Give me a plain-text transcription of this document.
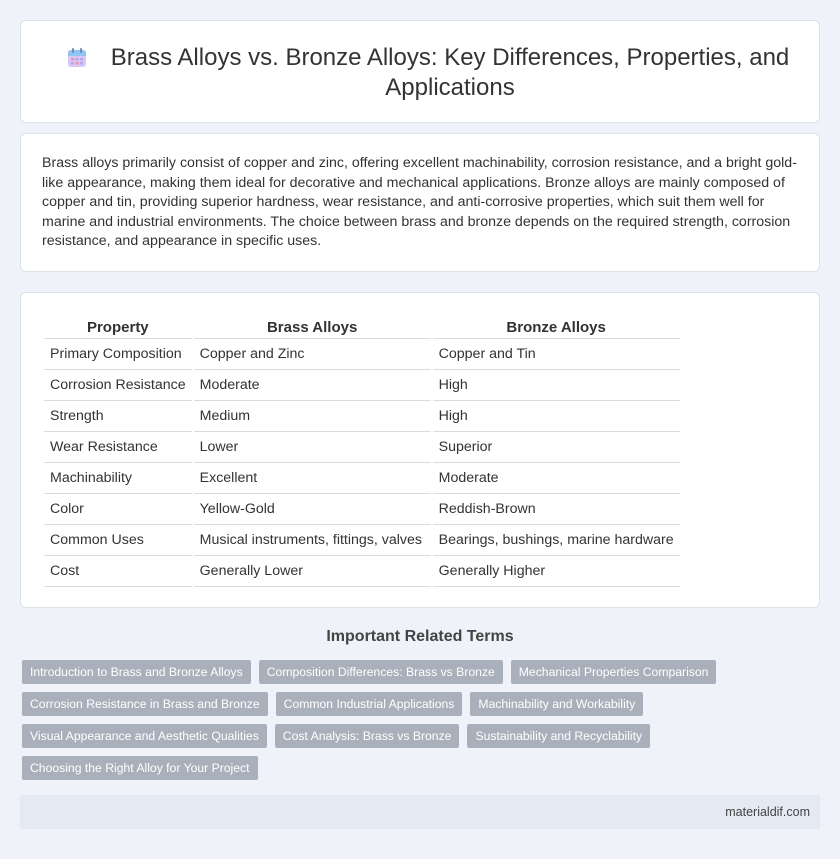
Brass Alloys vs. Bronze Alloys: Key Differences, Properties, and Applications

Brass alloys primarily consist of copper and zinc, offering excellent machinability, corrosion resistance, and a bright gold-like appearance, making them ideal for decorative and mechanical applications. Bronze alloys are mainly composed of copper and tin, providing superior hardness, wear resistance, and anti-corrosive properties, which suit them well for marine and industrial environments. The choice between brass and bronze depends on the required strength, corrosion resistance, and appearance in specific uses.

Property	Brass Alloys	Bronze Alloys
Primary Composition	Copper and Zinc	Copper and Tin
Corrosion Resistance	Moderate	High
Strength	Medium	High
Wear Resistance	Lower	Superior
Machinability	Excellent	Moderate
Color	Yellow-Gold	Reddish-Brown
Common Uses	Musical instruments, fittings, valves	Bearings, bushings, marine hardware
Cost	Generally Lower	Generally Higher
Important Related Terms
Introduction to Brass and Bronze Alloys	Composition Differences: Brass vs Bronze	Mechanical Properties Comparison
Corrosion Resistance in Brass and Bronze	Common Industrial Applications	Machinability and Workability
Visual Appearance and Aesthetic Qualities	Cost Analysis: Brass vs Bronze	Sustainability and Recyclability
Choosing the Right Alloy for Your Project
materialdif.com
